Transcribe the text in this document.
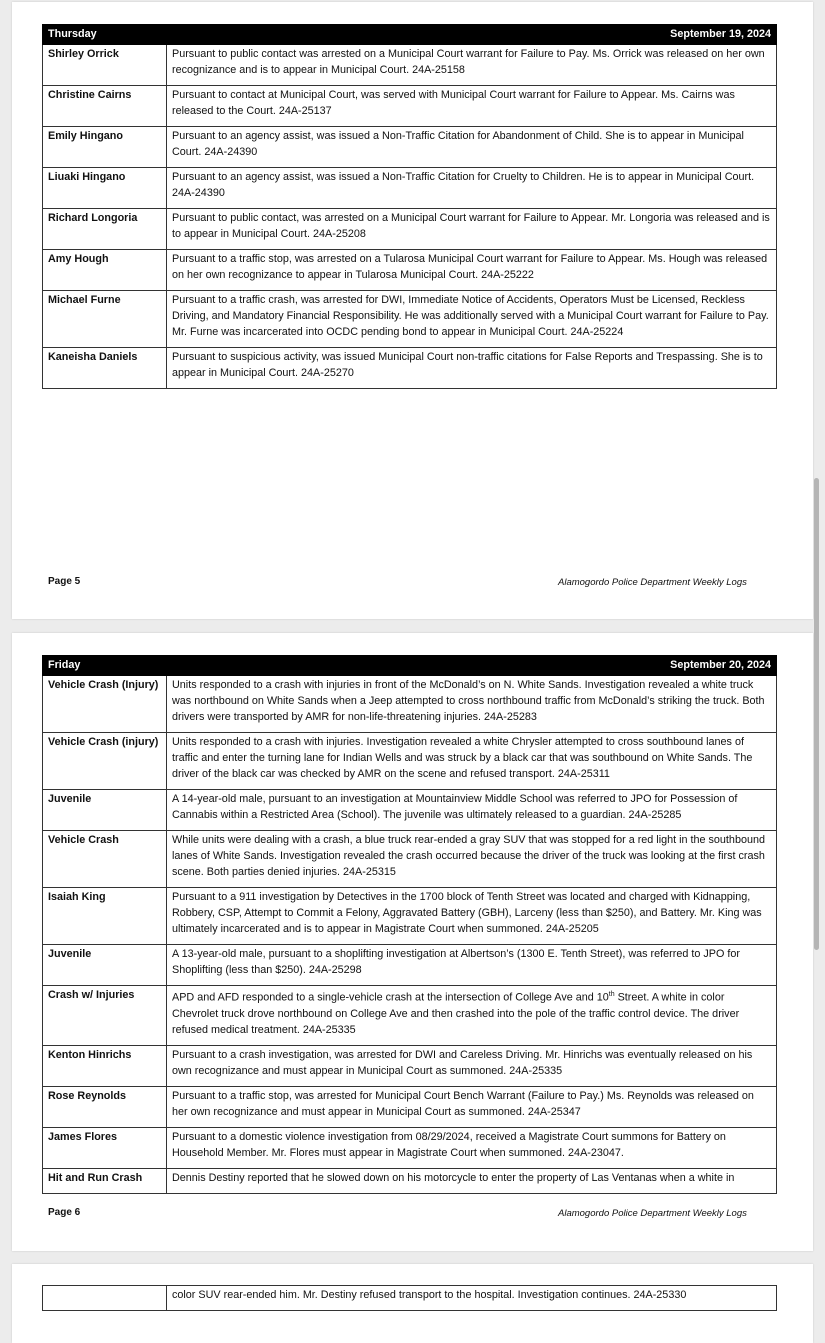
Thursday	September 19, 2024
Shirley Orrick	Pursuant to public contact was arrested on a Municipal Court warrant for Failure to Pay. Ms. Orrick was released on her own recognizance and is to appear in Municipal Court. 24A-25158
Christine Cairns	Pursuant to contact at Municipal Court, was served with Municipal Court warrant for Failure to Appear. Ms. Cairns was released to the Court. 24A-25137
Emily Hingano	Pursuant to an agency assist, was issued a Non-Traffic Citation for Abandonment of Child. She is to appear in Municipal Court. 24A-24390
Liuaki Hingano	Pursuant to an agency assist, was issued a Non-Traffic Citation for Cruelty to Children. He is to appear in Municipal Court. 24A-24390
Richard Longoria	Pursuant to public contact, was arrested on a Municipal Court warrant for Failure to Appear. Mr. Longoria was released and is to appear in Municipal Court. 24A-25208
Amy Hough	Pursuant to a traffic stop, was arrested on a Tularosa Municipal Court warrant for Failure to Appear. Ms. Hough was released on her own recognizance to appear in Tularosa Municipal Court. 24A-25222
Michael Furne	Pursuant to a traffic crash, was arrested for DWI, Immediate Notice of Accidents, Operators Must be Licensed, Reckless Driving, and Mandatory Financial Responsibility. He was additionally served with a Municipal Court warrant for Failure to Pay. Mr. Furne was incarcerated into OCDC pending bond to appear in Municipal Court. 24A-25224
Kaneisha Daniels	Pursuant to suspicious activity, was issued Municipal Court non-traffic citations for False Reports and Trespassing. She is to appear in Municipal Court. 24A-25270
Page 5	Alamogordo Police Department Weekly Logs
Friday	September 20, 2024
Vehicle Crash (Injury)	Units responded to a crash with injuries in front of the McDonald’s on N. White Sands. Investigation revealed a white truck was northbound on White Sands when a Jeep attempted to cross northbound traffic from McDonald’s striking the truck. Both drivers were transported by AMR for non-life-threatening injuries. 24A-25283
Vehicle Crash (injury)	Units responded to a crash with injuries. Investigation revealed a white Chrysler attempted to cross southbound lanes of traffic and enter the turning lane for Indian Wells and was struck by a black car that was southbound on White Sands. The driver of the black car was checked by AMR on the scene and refused transport. 24A-25311
Juvenile	A 14-year-old male, pursuant to an investigation at Mountainview Middle School was referred to JPO for Possession of Cannabis within a Restricted Area (School). The juvenile was ultimately released to a guardian. 24A-25285
Vehicle Crash	While units were dealing with a crash, a blue truck rear-ended a gray SUV that was stopped for a red light in the southbound lanes of White Sands. Investigation revealed the crash occurred because the driver of the truck was looking at the first crash scene. Both parties denied injuries. 24A-25315
Isaiah King	Pursuant to a 911 investigation by Detectives in the 1700 block of Tenth Street was located and charged with Kidnapping, Robbery, CSP, Attempt to Commit a Felony, Aggravated Battery (GBH), Larceny (less than $250), and Battery. Mr. King was ultimately incarcerated and is to appear in Magistrate Court when summoned. 24A-25205
Juvenile	A 13-year-old male, pursuant to a shoplifting investigation at Albertson’s (1300 E. Tenth Street), was referred to JPO for Shoplifting (less than $250). 24A-25298
Crash w/ Injuries	APD and AFD responded to a single-vehicle crash at the intersection of College Ave and 10th Street. A white in color Chevrolet truck drove northbound on College Ave and then crashed into the pole of the traffic control device. The driver refused medical treatment. 24A-25335
Kenton Hinrichs	Pursuant to a crash investigation, was arrested for DWI and Careless Driving. Mr. Hinrichs was eventually released on his own recognizance and must appear in Municipal Court as summoned. 24A-25335
Rose Reynolds	Pursuant to a traffic stop, was arrested for Municipal Court Bench Warrant (Failure to Pay.) Ms. Reynolds was released on her own recognizance and must appear in Municipal Court as summoned. 24A-25347
James Flores	Pursuant to a domestic violence investigation from 08/29/2024, received a Magistrate Court summons for Battery on Household Member. Mr. Flores must appear in Magistrate Court when summoned. 24A-23047.
Hit and Run Crash	Dennis Destiny reported that he slowed down on his motorcycle to enter the property of Las Ventanas when a white in
Page 6	Alamogordo Police Department Weekly Logs
	color SUV rear-ended him. Mr. Destiny refused transport to the hospital. Investigation continues. 24A-25330
